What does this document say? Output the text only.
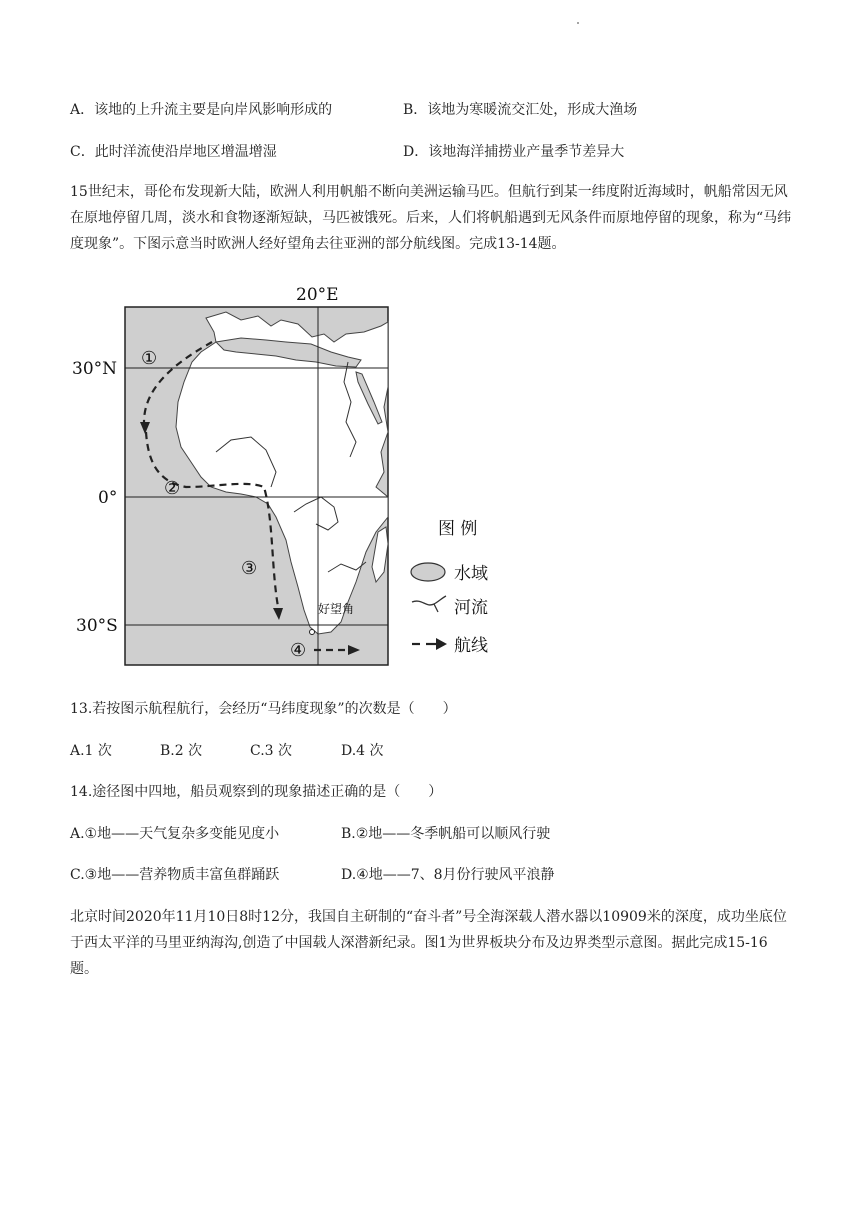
A．该地的上升流主要是向岸风影响形成的	B．该地为寒暖流交汇处，形成大渔场
C．此时洋流使沿岸地区增温增湿	D．该地海洋捕捞业产量季节差异大
15世纪末，哥伦布发现新大陆，欧洲人利用帆船不断向美洲运输马匹。但航行到某一纬度附近海域时，帆船常因无风在原地停留几周，淡水和食物逐渐短缺，马匹被饿死。后来，人们将帆船遇到无风条件而原地停留的现象，称为“马纬度现象”。下图示意当时欧洲人经好望角去往亚洲的部分航线图。完成13-14题。
20°E
30°N
0°
30°S
①
②
③
④
好望角
图 例
水域
河流
航线
13.若按图示航程航行，会经历“马纬度现象”的次数是（　　）
A.1 次	B.2 次	C.3 次	D.4 次
14.途径图中四地，船员观察到的现象描述正确的是（　　）
A.①地——天气复杂多变能见度小	B.②地——冬季帆船可以顺风行驶
C.③地——营养物质丰富鱼群踊跃	D.④地——7、8月份行驶风平浪静
北京时间2020年11月10日8时12分，我国自主研制的“奋斗者”号全海深载人潜水器以10909米的深度，成功坐底位于西太平洋的马里亚纳海沟,创造了中国载人深潜新纪录。图1为世界板块分布及边界类型示意图。据此完成15-16题。
